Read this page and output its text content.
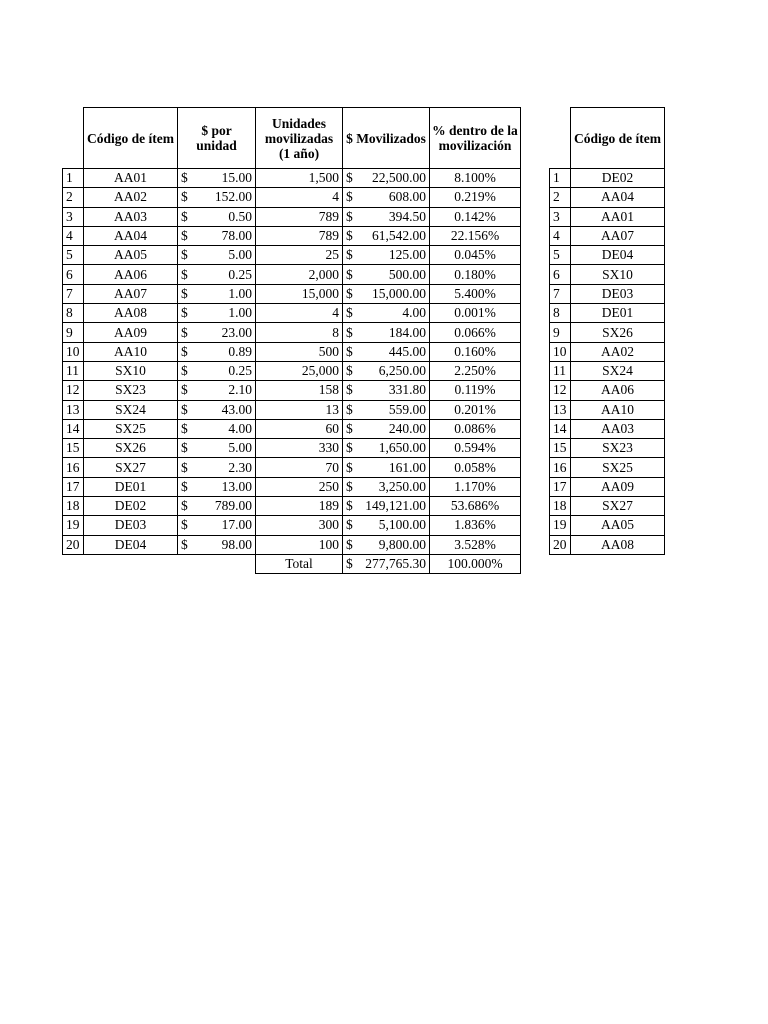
	Código de ítem	$ por unidad	Unidades movilizadas (1 año)	$ Movilizados	% dentro de la movilización
1	AA01	$ 15.00	1,500	$ 22,500.00	8.100%
2	AA02	$ 152.00	4	$ 608.00	0.219%
3	AA03	$ 0.50	789	$ 394.50	0.142%
4	AA04	$ 78.00	789	$ 61,542.00	22.156%
5	AA05	$ 5.00	25	$ 125.00	0.045%
6	AA06	$ 0.25	2,000	$ 500.00	0.180%
7	AA07	$ 1.00	15,000	$ 15,000.00	5.400%
8	AA08	$ 1.00	4	$ 4.00	0.001%
9	AA09	$ 23.00	8	$ 184.00	0.066%
10	AA10	$ 0.89	500	$ 445.00	0.160%
11	SX10	$ 0.25	25,000	$ 6,250.00	2.250%
12	SX23	$ 2.10	158	$ 331.80	0.119%
13	SX24	$ 43.00	13	$ 559.00	0.201%
14	SX25	$ 4.00	60	$ 240.00	0.086%
15	SX26	$ 5.00	330	$ 1,650.00	0.594%
16	SX27	$ 2.30	70	$ 161.00	0.058%
17	DE01	$ 13.00	250	$ 3,250.00	1.170%
18	DE02	$ 789.00	189	$ 149,121.00	53.686%
19	DE03	$ 17.00	300	$ 5,100.00	1.836%
20	DE04	$ 98.00	100	$ 9,800.00	3.528%
			Total	$ 277,765.30	100.000%
	Código de ítem
1	DE02
2	AA04
3	AA01
4	AA07
5	DE04
6	SX10
7	DE03
8	DE01
9	SX26
10	AA02
11	SX24
12	AA06
13	AA10
14	AA03
15	SX23
16	SX25
17	AA09
18	SX27
19	AA05
20	AA08
